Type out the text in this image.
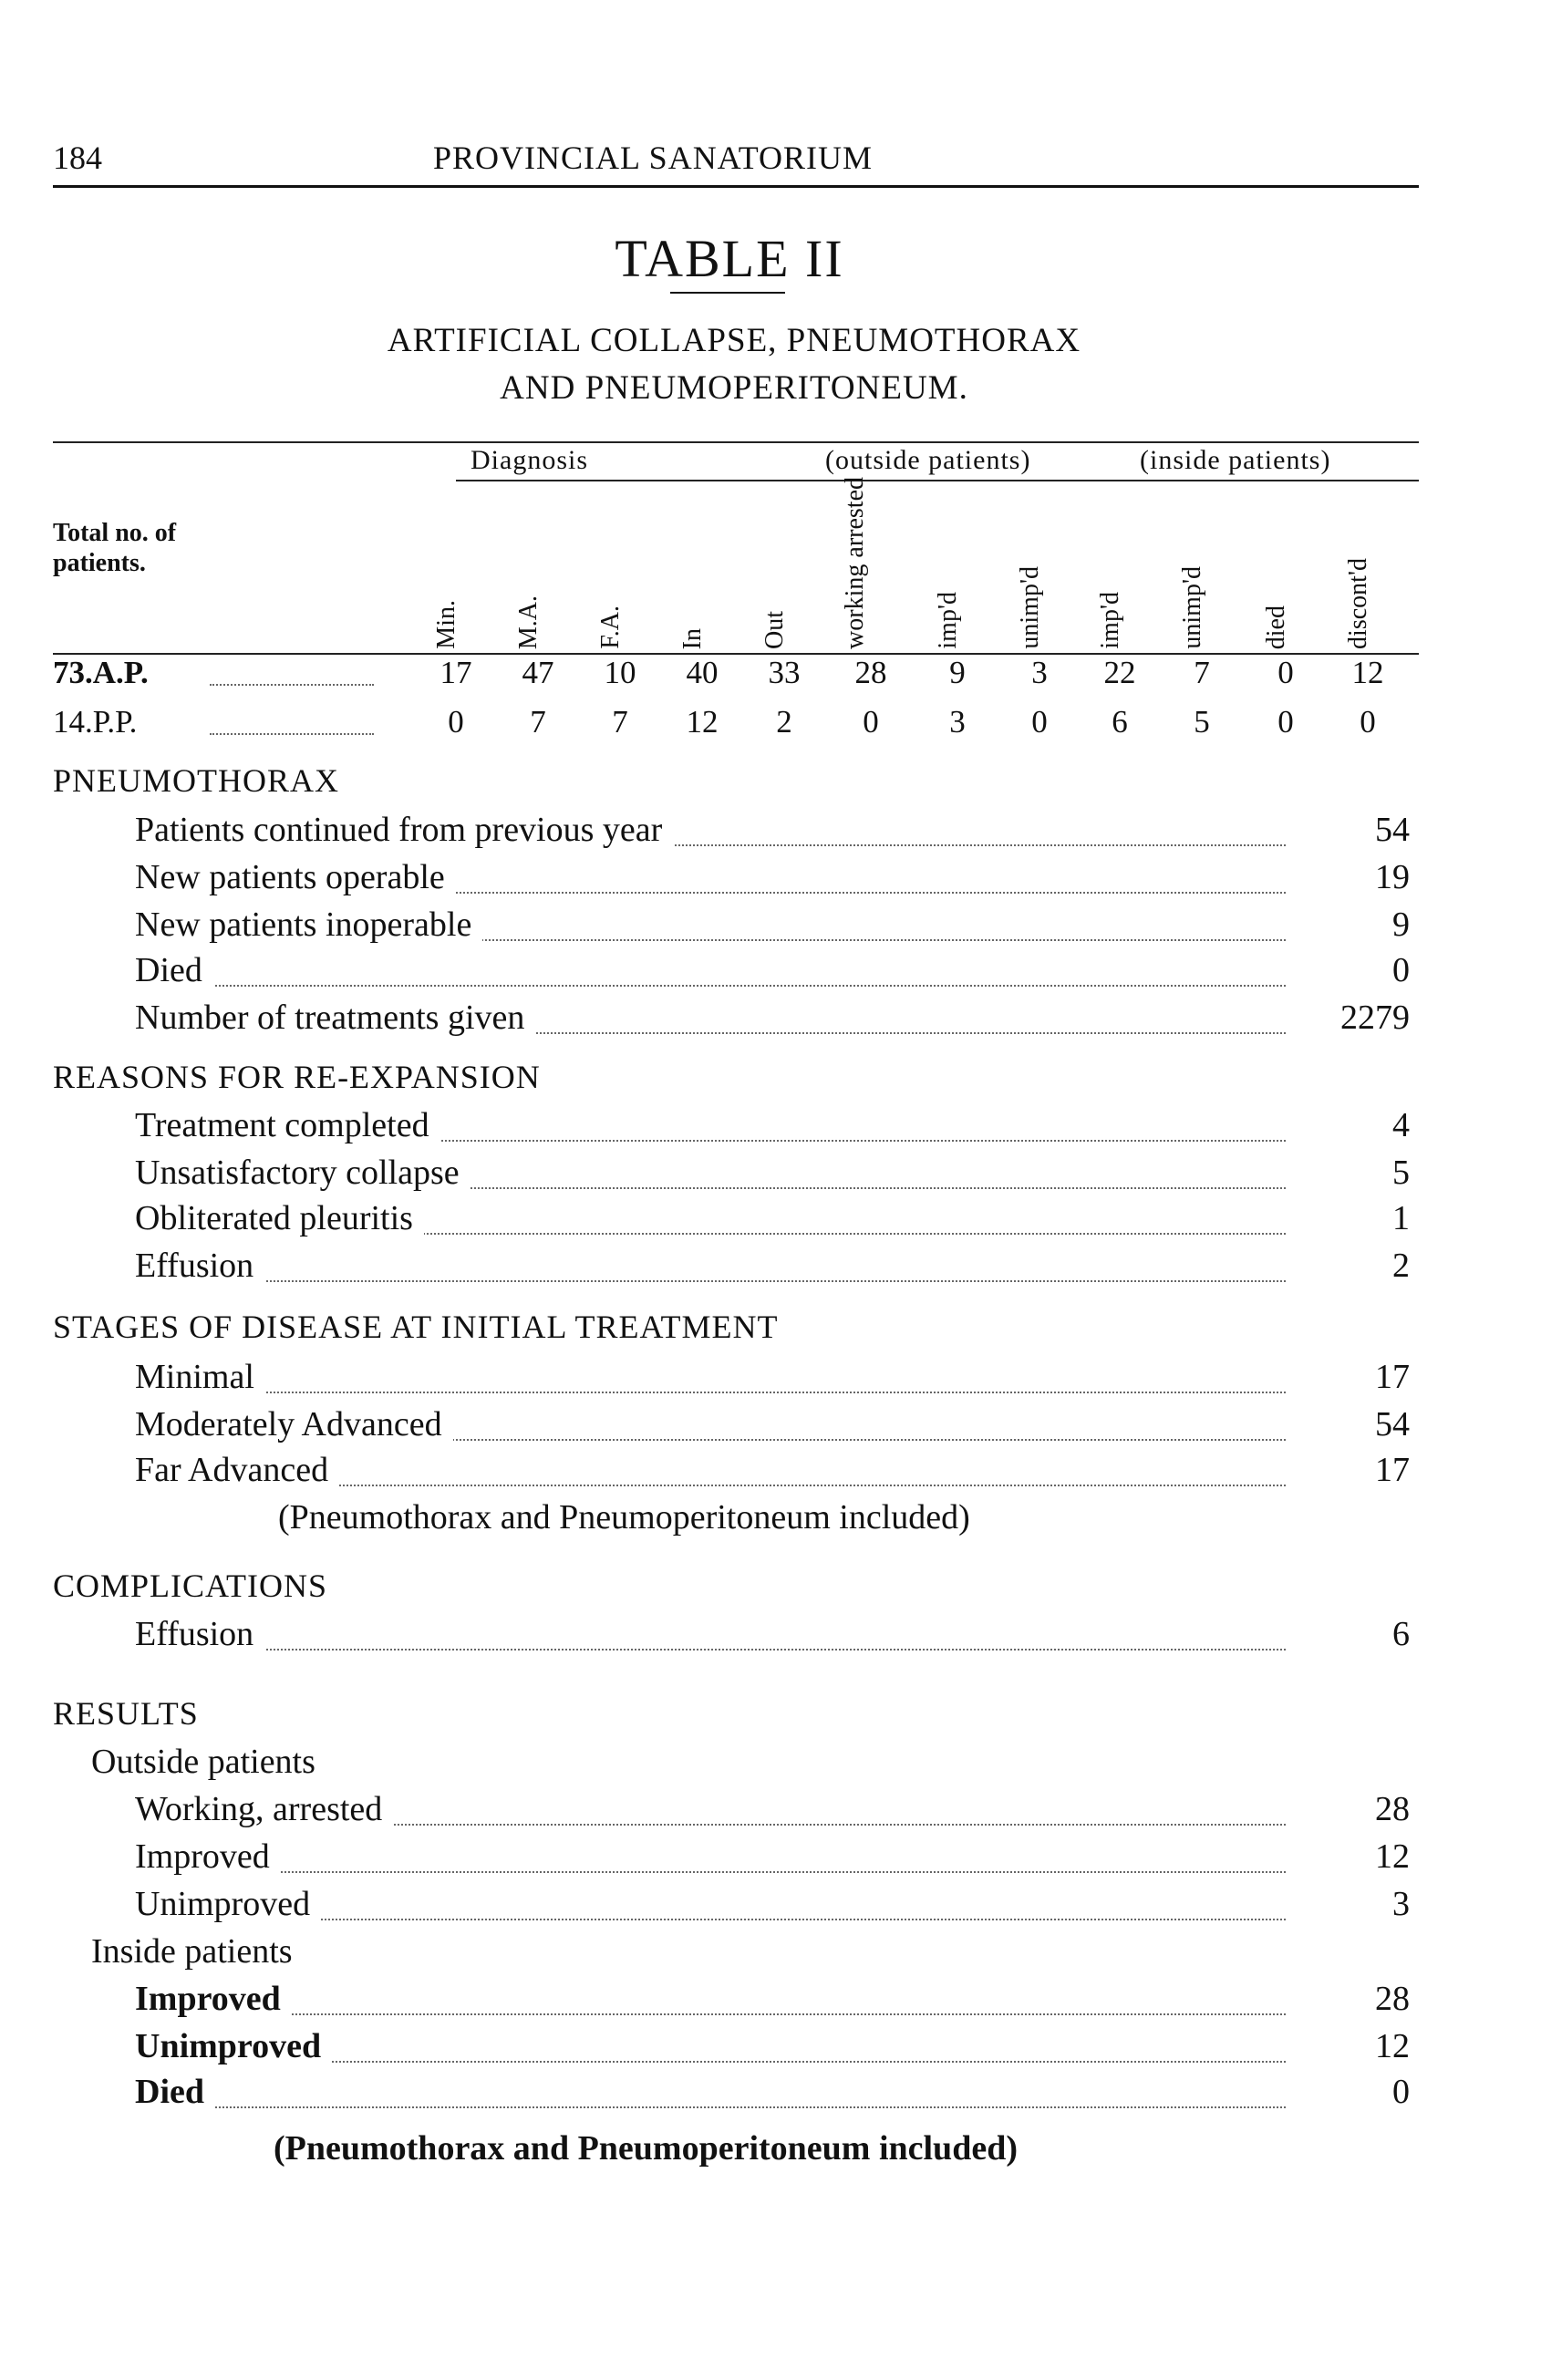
184	PROVINCIAL SANATORIUM
TABLE II
ARTIFICIAL COLLAPSE, PNEUMOTHORAX
AND PNEUMOPERITONEUM.
Diagnosis	(outside patients)	(inside patients)
Total no. of patients.
Min.	M.A.	F.A.	In	Out	working arrested	imp'd	unimp'd	imp'd	unimp'd	died	discont'd
73.A.P.	17	47	10	40	33	28	9	3	22	7	0	12
14.P.P.	0	7	7	12	2	0	3	0	6	5	0	0
PNEUMOTHORAX
Patients continued from previous year	54
New patients operable	19
New patients inoperable	9
Died	0
Number of treatments given	2279
REASONS FOR RE-EXPANSION
Treatment completed	4
Unsatisfactory collapse	5
Obliterated pleuritis	1
Effusion	2
STAGES OF DISEASE AT INITIAL TREATMENT
Minimal	17
Moderately Advanced	54
Far Advanced	17
(Pneumothorax and Pneumoperitoneum included)
COMPLICATIONS
Effusion	6
RESULTS
Outside patients
Working, arrested	28
Improved	12
Unimproved	3
Inside patients
Improved	28
Unimproved	12
Died	0
(Pneumothorax and Pneumoperitoneum included)
